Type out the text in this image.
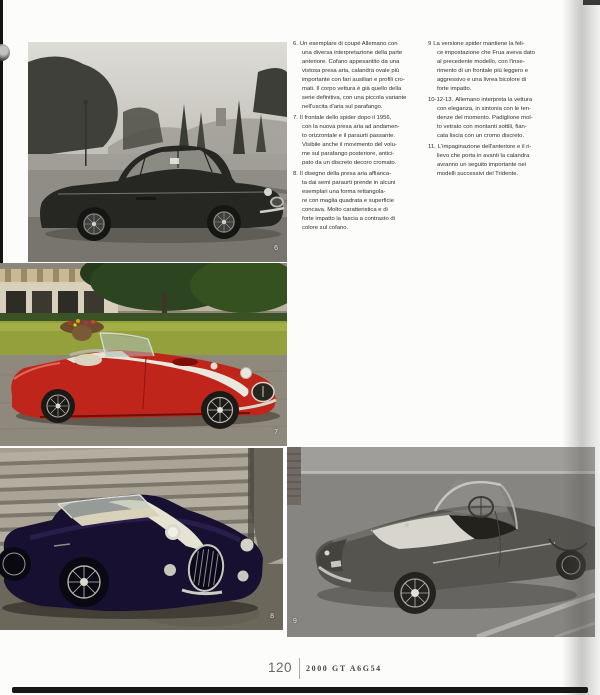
6
7
8
9
6. Un esemplare di coupé Allemano con
una diversa interpretazione della parte
anteriore. Cofano appesantito da una
vistosa presa aria, calandra ovale più
importante con fari ausiliari e profili cro-
mati. Il corpo vettura è già quello della
serie definitiva, con una piccola variante
nell'uscita d'aria sul parafango.
7. Il frontale dello spider dopo il 1956,
con la nuova presa aria ad andamen-
to orizzontale e il paraurti passante.
Visibile anche il movimento del volu-
me sul parafango posteriore, antici-
pato da un discreto decoro cromato.
8. Il disegno della presa aria affianca-
ta dai semi paraurti prende in alcuni
esemplari una forma rettangola-
re con maglia quadrata e superficie
concava. Molto caratteristica e di
forte impatto la fascia a contrasto di
colore sul cofano.
9 La versione spider mantiene la feli-
ce impostazione che Frua aveva dato
al precedente modello, con l'inse-
rimento di un frontale più leggero e
aggressivo e una livrea bicolore di
forte impatto.
10-12-13. Allemano interpreta la vettura
con eleganza, in sintonia con le ten-
denze del momento. Padiglione mol-
to vetrato con montanti sottili, fian-
cata liscia con un cromo discreto.
11. L'impaginazione dell'anteriore e il ri-
lievo che porta in avanti la calandra
avranno un seguito importante nei
modelli successivi del Tridente.
120 2000 GT A6G54
